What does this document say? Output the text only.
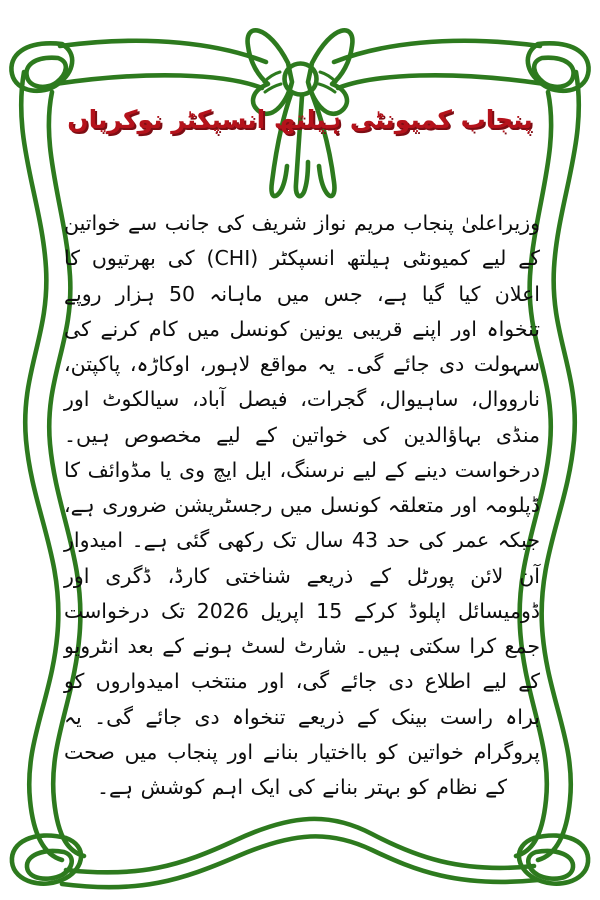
پنجاب کمیونٹی ہیلتھ انسپکٹر نوکریاں

وزیراعلیٰ پنجاب مریم نواز شریف کی جانب سے خواتین کے لیے کمیونٹی ہیلتھ انسپکٹر (CHI) کی بھرتیوں کا اعلان کیا گیا ہے، جس میں ماہانہ 50 ہزار روپے تنخواہ اور اپنے قریبی یونین کونسل میں کام کرنے کی سہولت دی جائے گی۔ یہ مواقع لاہور، اوکاڑہ، پاکپتن، نارووال، ساہیوال، گجرات، فیصل آباد، سیالکوٹ اور منڈی بہاؤالدین کی خواتین کے لیے مخصوص ہیں۔ درخواست دینے کے لیے نرسنگ، ایل ایچ وی یا مڈوائف کا ڈپلومہ اور متعلقہ کونسل میں رجسٹریشن ضروری ہے، جبکہ عمر کی حد 43 سال تک رکھی گئی ہے۔ امیدوار آن لائن پورٹل کے ذریعے شناختی کارڈ، ڈگری اور ڈومیسائل اپلوڈ کرکے 15 اپریل 2026 تک درخواست جمع کرا سکتی ہیں۔ شارٹ لسٹ ہونے کے بعد انٹرویو کے لیے اطلاع دی جائے گی، اور منتخب امیدواروں کو براہ راست بینک کے ذریعے تنخواہ دی جائے گی۔ یہ پروگرام خواتین کو بااختیار بنانے اور پنجاب میں صحت کے نظام کو بہتر بنانے کی ایک اہم کوشش ہے۔
